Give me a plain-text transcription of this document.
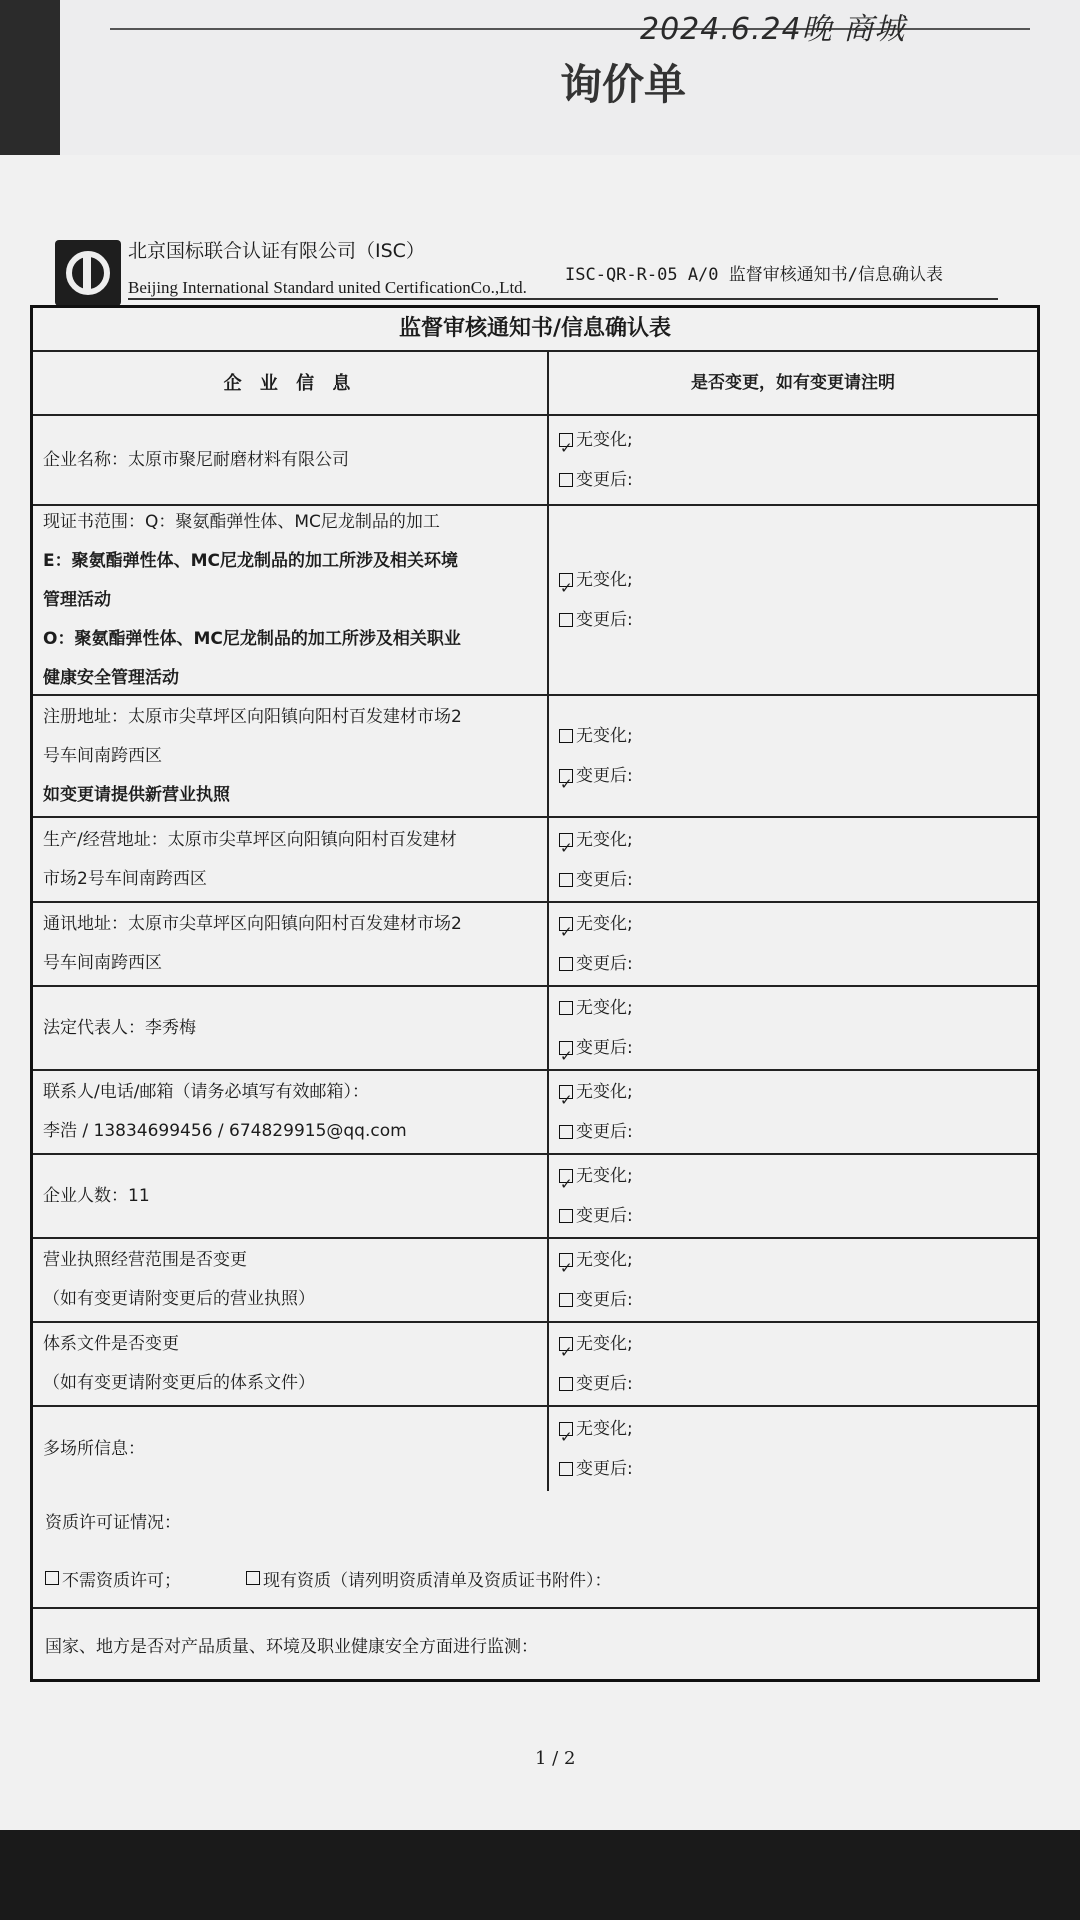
2024.6.24晚 商城
询价单
北京国标联合认证有限公司（ISC）
Beijing International Standard united CertificationCo.,Ltd.
ISC-QR-R-05 A/0 监督审核通知书/信息确认表
监督审核通知书/信息确认表
企 业 信 息	是否变更，如有变更请注明
企业名称：太原市聚尼耐磨材料有限公司
✓
无变化;
变更后:
现证书范围：Q：聚氨酯弹性体、MC尼龙制品的加工
E：聚氨酯弹性体、MC尼龙制品的加工所涉及相关环境
管理活动
O：聚氨酯弹性体、MC尼龙制品的加工所涉及相关职业
健康安全管理活动
✓
无变化;
变更后:
注册地址：太原市尖草坪区向阳镇向阳村百发建材市场2
号车间南跨西区
如变更请提供新营业执照
无变化;
✓
变更后:
生产/经营地址：太原市尖草坪区向阳镇向阳村百发建材
市场2号车间南跨西区
✓
无变化;
变更后:
通讯地址：太原市尖草坪区向阳镇向阳村百发建材市场2
号车间南跨西区
✓
无变化;
变更后:
法定代表人：李秀梅
无变化;
✓
变更后:
联系人/电话/邮箱（请务必填写有效邮箱）：
李浩 / 13834699456 / 674829915@qq.com
✓
无变化;
变更后:
企业人数：11
✓
无变化;
变更后:
营业执照经营范围是否变更
（如有变更请附变更后的营业执照）
✓
无变化;
变更后:
体系文件是否变更
（如有变更请附变更后的体系文件）
✓
无变化;
变更后:
多场所信息：
✓
无变化;
变更后:
资质许可证情况：
不需资质许可；	现有资质（请列明资质清单及资质证书附件）：
国家、地方是否对产品质量、环境及职业健康安全方面进行监测：
1 / 2
